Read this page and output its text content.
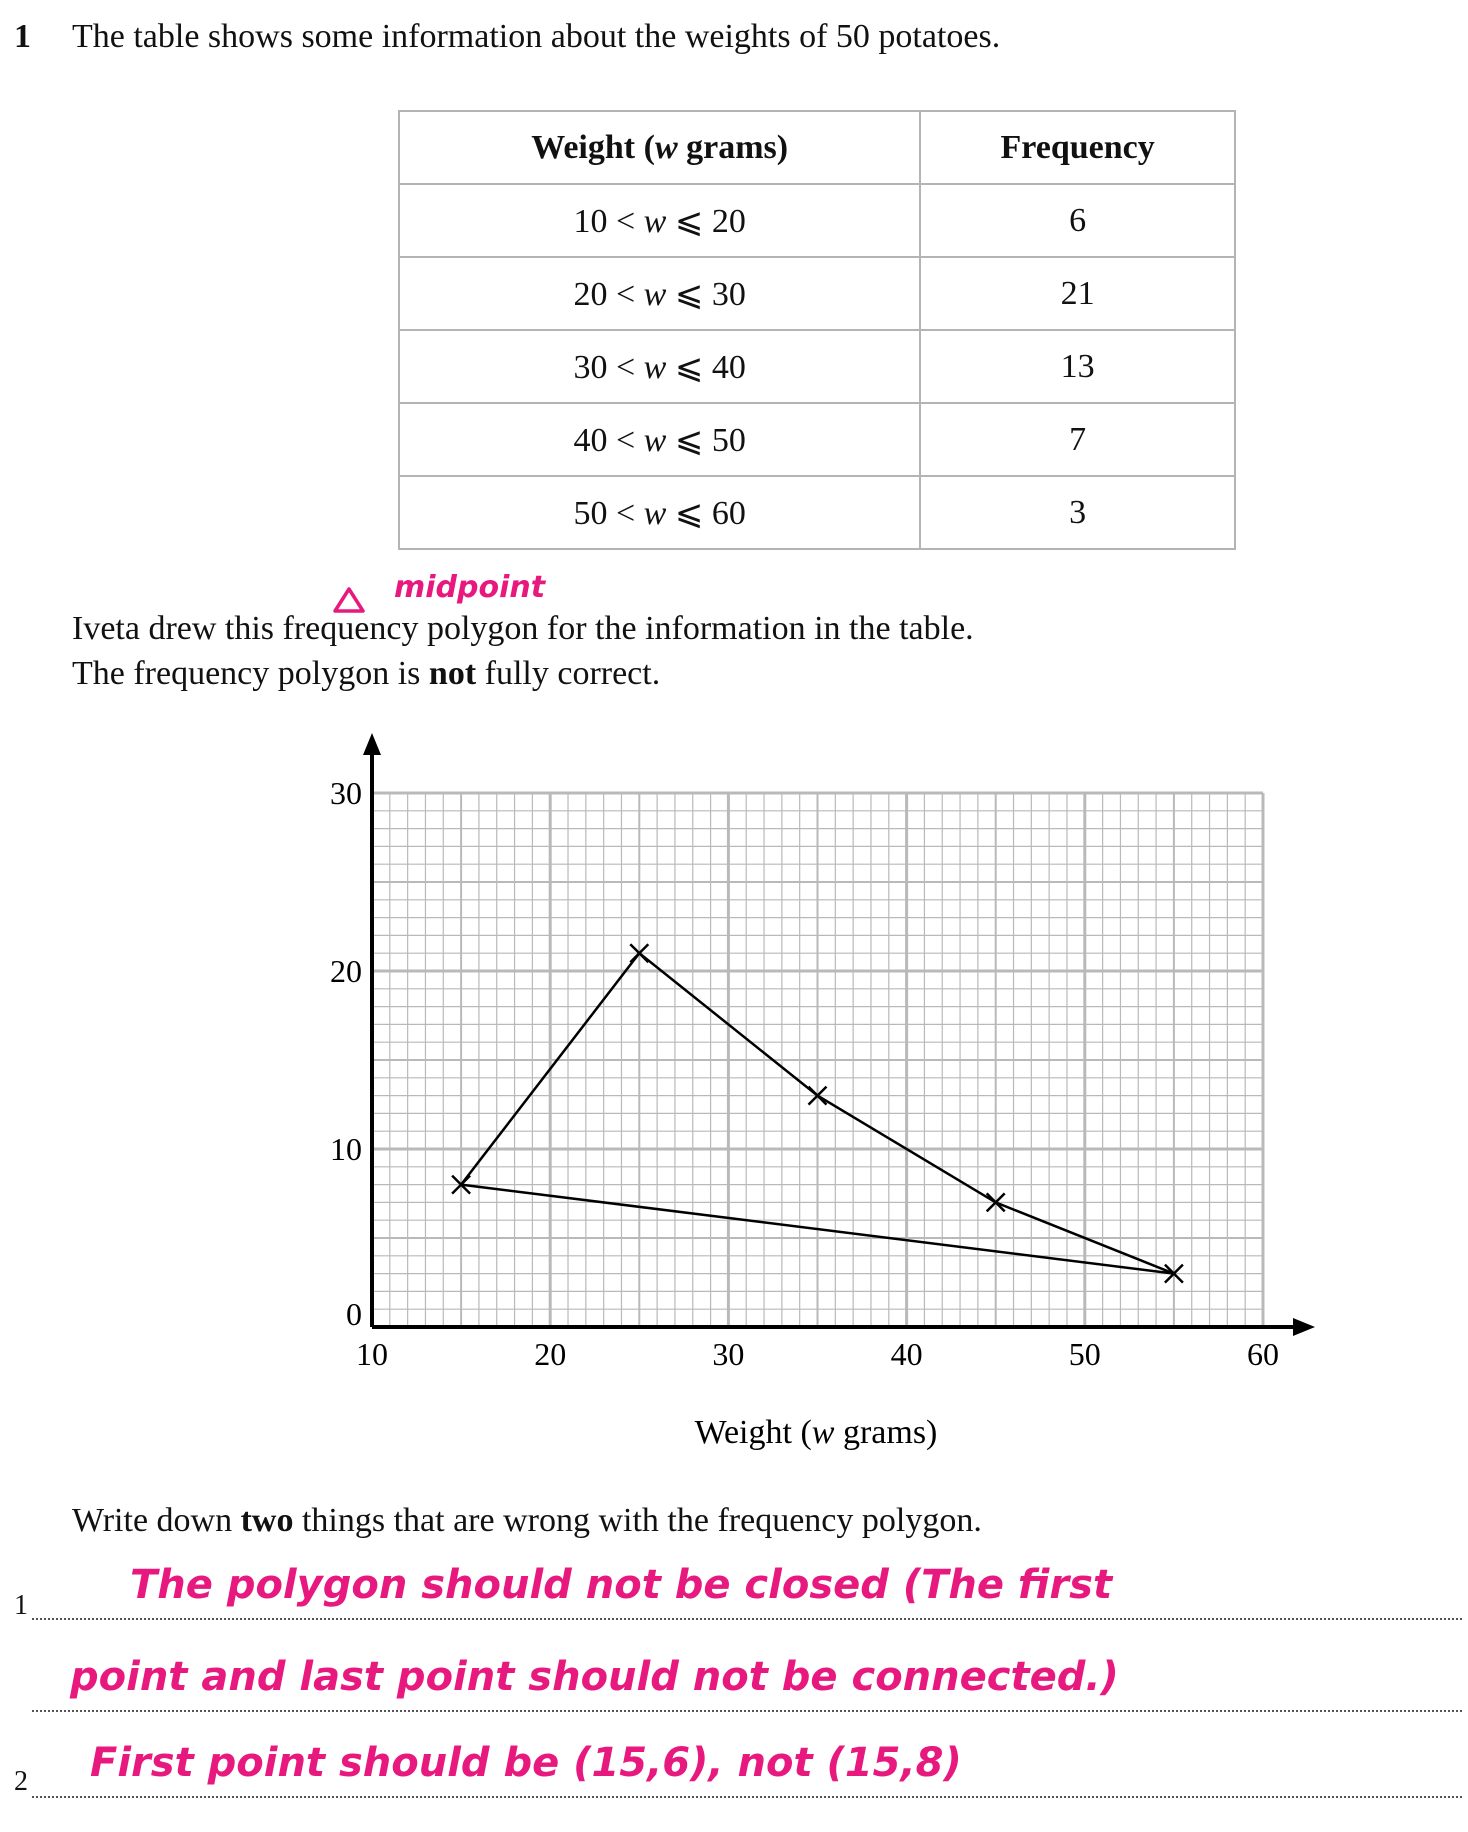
1 The table shows some information about the weights of 50 potatoes.
Weight (w grams)	Frequency
10 < w ⩽ 20	6
20 < w ⩽ 30	21
30 < w ⩽ 40	13
40 < w ⩽ 50	7
50 < w ⩽ 60	3
midpoint
Iveta drew this frequency polygon for the information in the table.
The frequency polygon is not fully correct.
10	20	30	40	50	60
0
10
20
30
Weight (w grams)
Write down two things that are wrong with the frequency polygon.
1
2
The polygon should not be closed (The first
point and last point should not be connected.)
First point should be (15,6), not (15,8)
